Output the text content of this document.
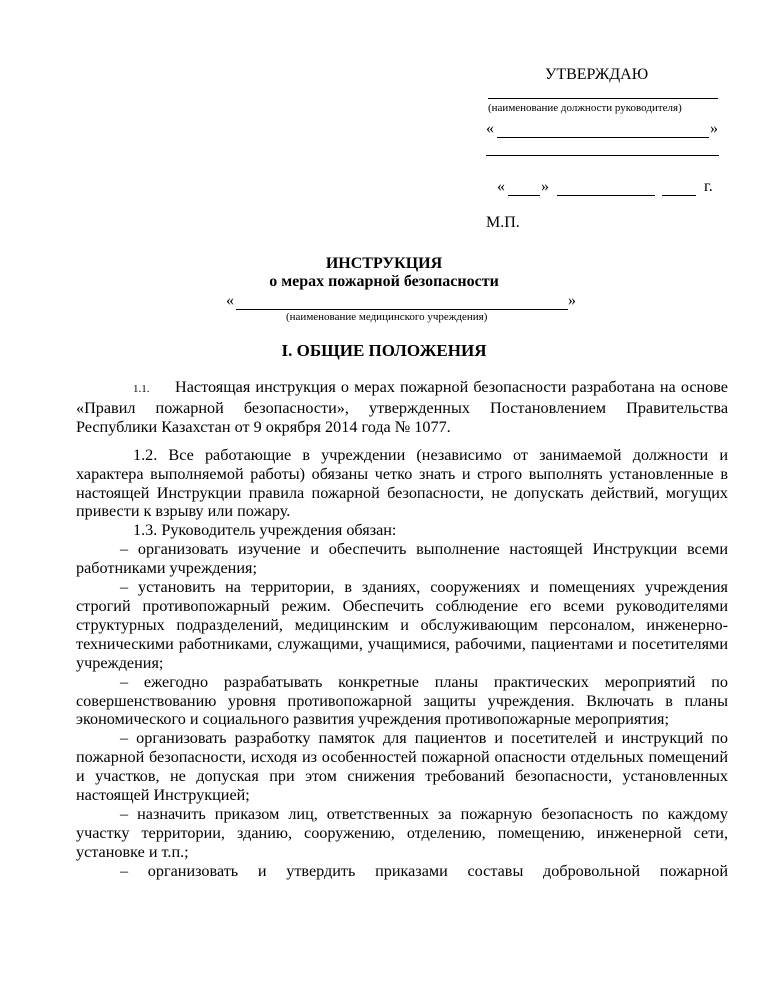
УТВЕРЖДАЮ
(наименование должности руководителя)
«	»
« »	г.
М.П.
ИНСТРУКЦИЯ
о мерах пожарной безопасности
«	»
(наименование медицинского учреждения)
I. ОБЩИЕ ПОЛОЖЕНИЯ

1.1. Настоящая инструкция о мерах пожарной безопасности разработана на основе «Правил пожарной безопасности», утвержденных Постановлением Правительства Республики Казахстан от 9 окрября 2014 года № 1077.

1.2. Все работающие в учреждении (независимо от занимаемой должности и характера выполняемой работы) обязаны четко знать и строго выполнять установленные в настоящей Инструкции правила пожарной безопасности, не допускать действий, могущих привести к взрыву или пожару.

1.3. Руководитель учреждения обязан:

– организовать изучение и обеспечить выполнение настоящей Инструкции всеми работниками учреждения;

– установить на территории, в зданиях, сооружениях и помещениях учреждения строгий противопожарный режим. Обеспечить соблюдение его всеми руководителями структурных подразделений, медицинским и обслуживающим персоналом, инженерно-техническими работниками, служащими, учащимися, рабочими, пациентами и посетителями учреждения;

– ежегодно разрабатывать конкретные планы практических мероприятий по совершенствованию уровня противопожарной защиты учреждения. Включать в планы экономического и социального развития учреждения противопожарные мероприятия;

– организовать разработку памяток для пациентов и посетителей и инструкций по пожарной безопасности, исходя из особенностей пожарной опасности отдельных помещений и участков, не допуская при этом снижения требований безопасности, установленных настоящей Инструкцией;

– назначить приказом лиц, ответственных за пожарную безопасность по каждому участку территории, зданию, сооружению, отделению, помещению, инженерной сети, установке и т.п.;

– организовать и утвердить приказами составы добровольной пожарной
